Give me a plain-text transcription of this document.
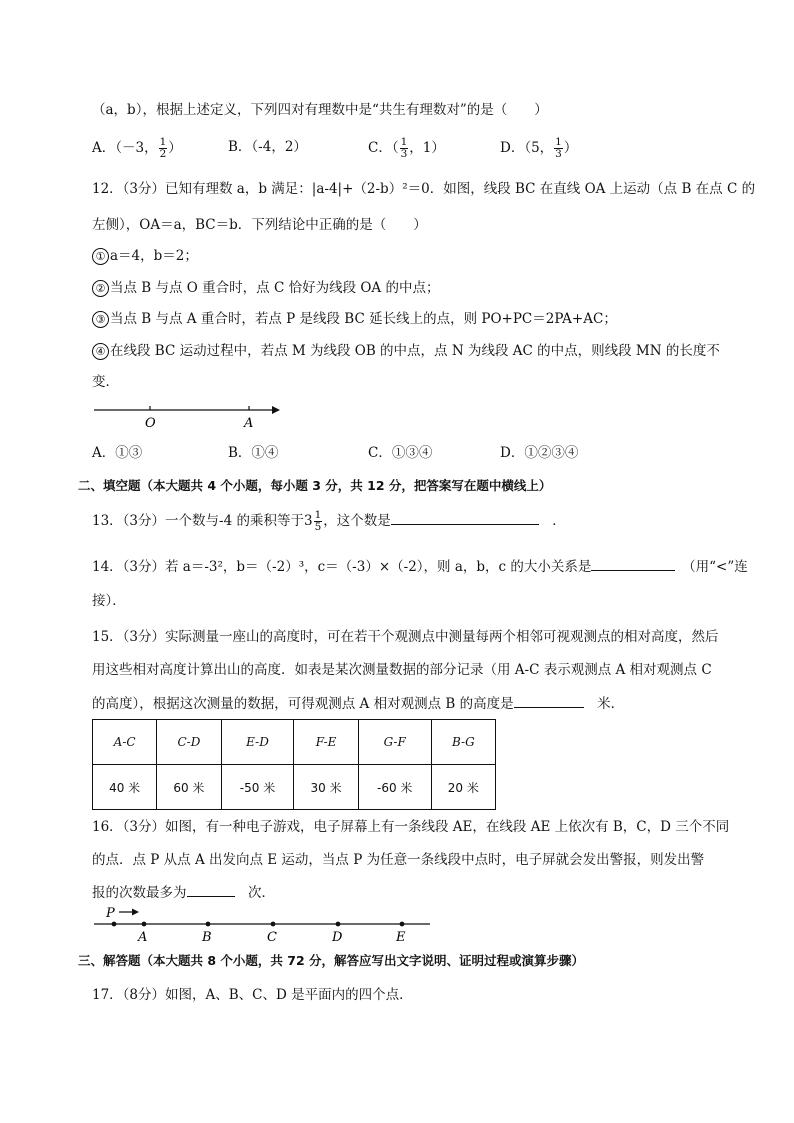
（a，b），根据上述定义，下列四对有理数中是“共生有理数对”的是（　　）
A．（－3， $\frac{1}{2}$ ）	B．（-4，2）	C．（ $\frac{1}{3}$ ，1）	D．（5， $\frac{1}{3}$ ）
12．（3分）已知有理数 a，b 满足：|a-4|+（2-b）²＝0．如图，线段 BC 在直线 OA 上运动（点 B 在点 C 的
左侧），OA＝a，BC＝b．下列结论中正确的是（　　）
① a＝4，b＝2；
② 当点 B 与点 O 重合时，点 C 恰好为线段 OA 的中点；
③ 当点 B 与点 A 重合时，若点 P 是线段 BC 延长线上的点，则 PO+PC＝2PA+AC；
④ 在线段 BC 运动过程中，若点 M 为线段 OB 的中点，点 N 为线段 AC 的中点，则线段 MN 的长度不
变．
O	A
A．①③	B．①④	C．①③④	D．①②③④
二、填空题（本大题共 4 个小题，每小题 3 分，共 12 分，把答案写在题中横线上）
13．（3分）一个数与-4 的乘积等于$3 \frac{1}{5}$ ，这个数是　	．
14．（3分）若 a＝-3²，b＝（-2）³，c＝（-3）×（-2），则 a，b，c 的大小关系是　	（用“<”连
接）．
15．（3分）实际测量一座山的高度时，可在若干个观测点中测量每两个相邻可视观测点的相对高度，然后
用这些相对高度计算出山的高度．如表是某次测量数据的部分记录（用 A-C 表示观测点 A 相对观测点 C
的高度），根据这次测量的数据，可得观测点 A 相对观测点 B 的高度是　	米．
A-C	C-D	E-D	F-E	G-F	B-G
40 米	60 米	-50 米	30 米	-60 米	20 米
16．（3分）如图，有一种电子游戏，电子屏幕上有一条线段 AE，在线段 AE 上依次有 B，C，D 三个不同
的点．点 P 从点 A 出发向点 E 运动，当点 P 为任意一条线段中点时，电子屏就会发出警报，则发出警
报的次数最多为　	次．
P
A	B	C	D	E
三、解答题（本大题共 8 个小题，共 72 分，解答应写出文字说明、证明过程或演算步骤）
17．（8分）如图，A、B、C、D 是平面内的四个点．
